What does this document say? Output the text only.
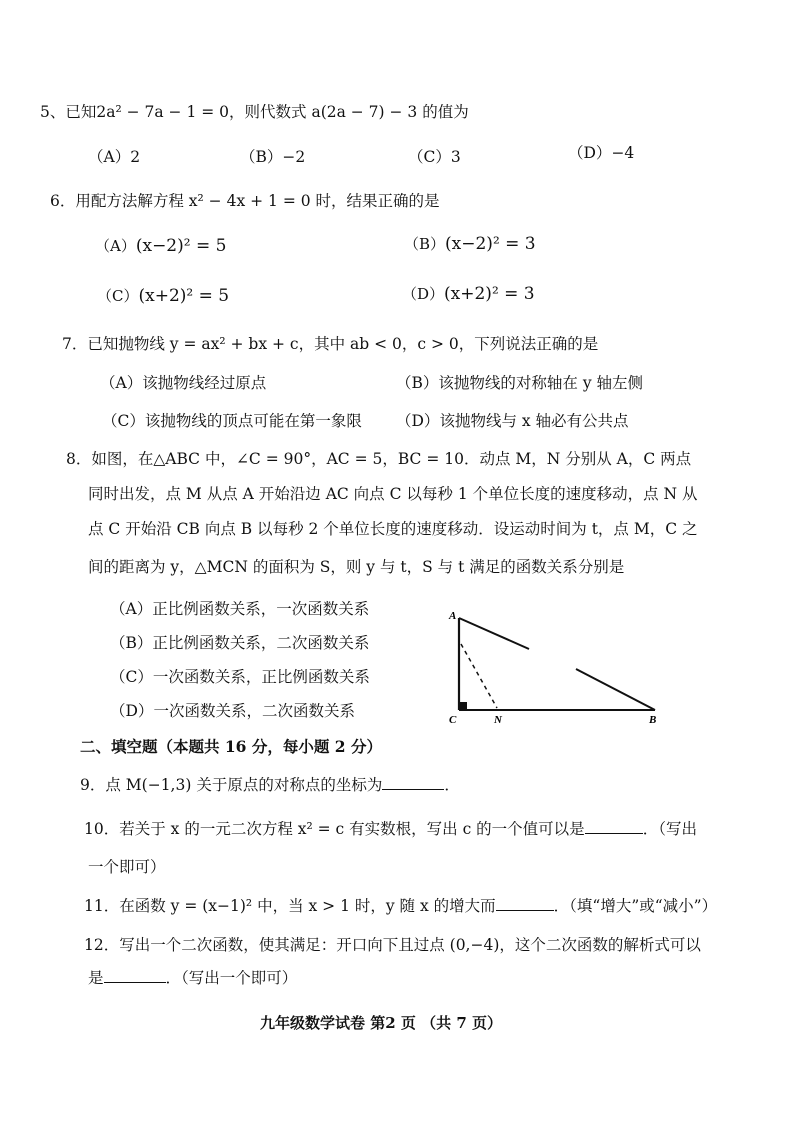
5、已知2a² − 7a − 1 = 0，则代数式 a(2a − 7) − 3 的值为
（A）2	（B）−2	（C）3	（D）−4
6．用配方法解方程 x² − 4x + 1 = 0 时，结果正确的是
（A）(x−2)² = 5	（B）(x−2)² = 3
（C）(x+2)² = 5	（D）(x+2)² = 3
7．已知抛物线 y = ax² + bx + c，其中 ab < 0，c > 0，下列说法正确的是
（A）该抛物线经过原点	（B）该抛物线的对称轴在 y 轴左侧
（C）该抛物线的顶点可能在第一象限 （D）该抛物线与 x 轴必有公共点
8．如图，在△ABC 中，∠C = 90°，AC = 5，BC = 10．动点 M，N 分别从 A，C 两点
同时出发，点 M 从点 A 开始沿边 AC 向点 C 以每秒 1 个单位长度的速度移动，点 N 从
点 C 开始沿 CB 向点 B 以每秒 2 个单位长度的速度移动．设运动时间为 t，点 M，C 之
间的距离为 y，△MCN 的面积为 S，则 y 与 t，S 与 t 满足的函数关系分别是
（A）正比例函数关系，一次函数关系
（B）正比例函数关系，二次函数关系
（C）一次函数关系，正比例函数关系
（D）一次函数关系，二次函数关系
A
C	N	B
二、填空题（本题共 16 分，每小题 2 分）
9．点 M(−1,3) 关于原点的对称点的坐标为	．
10．若关于 x 的一元二次方程 x² = c 有实数根，写出 c 的一个值可以是	．（写出
一个即可）
11．在函数 y = (x−1)² 中，当 x > 1 时，y 随 x 的增大而	．（填“增大”或“减小”）
12．写出一个二次函数，使其满足：开口向下且过点 (0,−4)，这个二次函数的解析式可以
是	．（写出一个即可）
九年级数学试卷 第2 页 （共 7 页）
